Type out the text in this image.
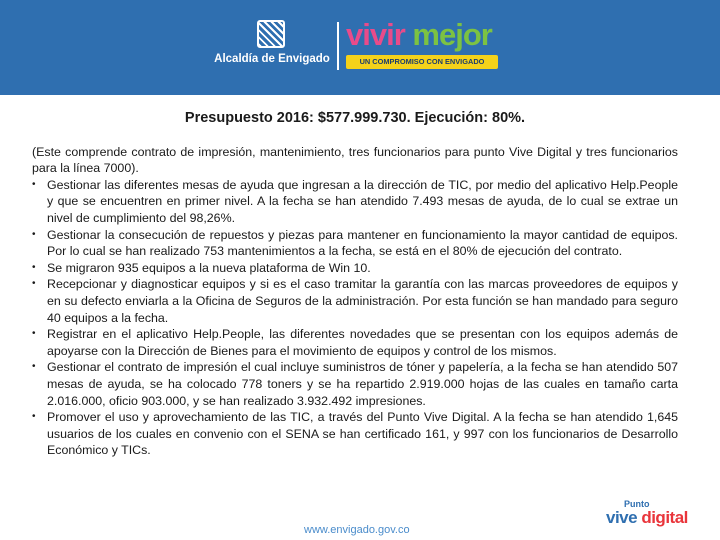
Alcaldía de Envigado
vivir mejor
UN COMPROMISO CON ENVIGADO
Presupuesto 2016: $577.999.730. Ejecución: 80%.

(Este comprende contrato de impresión, mantenimiento, tres funcionarios para punto Vive Digital y tres funcionarios para la línea 7000).

• Gestionar las diferentes mesas de ayuda que ingresan a la dirección de TIC, por medio del aplicativo Help.People y que se encuentren en primer nivel. A la fecha se han atendido 7.493 mesas de ayuda, de lo cual se extrae un nivel de cumplimiento del 98,26%.
• Gestionar la consecución de repuestos y piezas para mantener en funcionamiento la mayor cantidad de equipos. Por lo cual se han realizado 753 mantenimientos a la fecha, se está en el 80% de ejecución del contrato.
• Se migraron 935 equipos a la nueva plataforma de Win 10.
• Recepcionar y diagnosticar equipos y si es el caso tramitar la garantía con las marcas proveedores de equipos y en su defecto enviarla a la Oficina de Seguros de la administración. Por esta función se han mandado para seguro 40 equipos a la fecha.
• Registrar en el aplicativo Help.People, las diferentes novedades que se presentan con los equipos además de apoyarse con la Dirección de Bienes para el movimiento de equipos y control de los mismos.
• Gestionar el contrato de impresión el cual incluye suministros de tóner y papelería, a la fecha se han atendido 507 mesas de ayuda, se ha colocado 778 toners y se ha repartido 2.919.000 hojas de las cuales en tamaño carta 2.016.000, oficio 903.000, y se han realizado 3.932.492 impresiones.
• Promover el uso y aprovechamiento de las TIC, a través del Punto Vive Digital. A la fecha se han atendido 1,645 usuarios de los cuales en convenio con el SENA se han certificado 161, y 997 con los funcionarios de Desarrollo Económico y TICs.
www.envigado.gov.co
Punto
vive digital
